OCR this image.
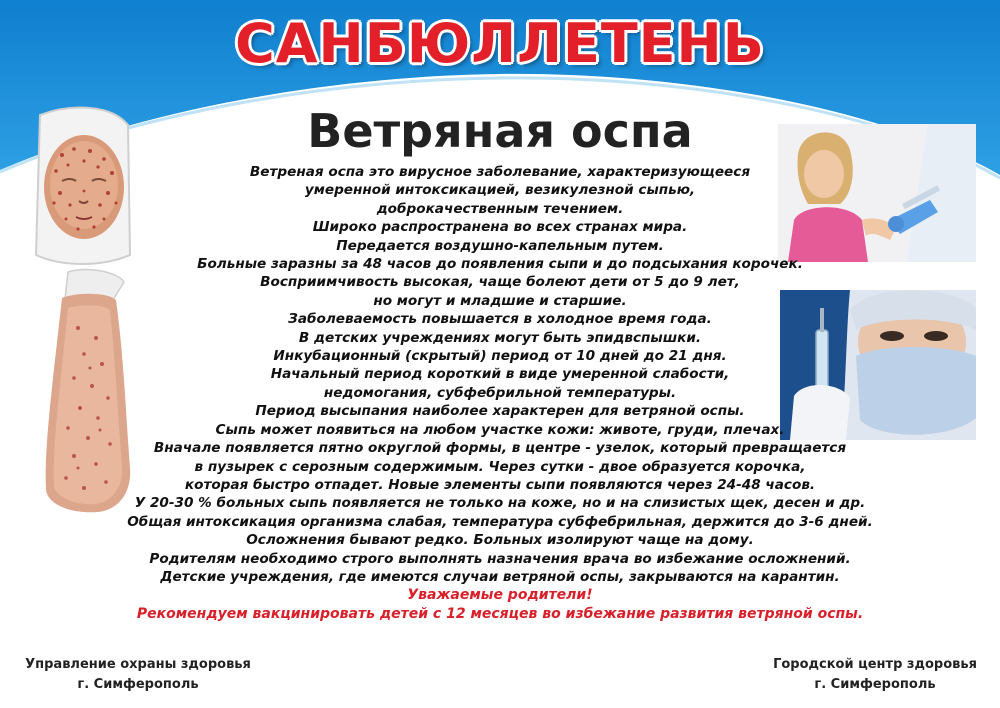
САНБЮЛЛЕТЕНЬ
Ветряная оспа
Ветреная оспа это вирусное заболевание, характеризующееся
умеренной интоксикацией, везикулезной сыпью,
доброкачественным течением.
Широко распространена во всех странах мира.
Передается воздушно-капельным путем.
Больные заразны за 48 часов до появления сыпи и до подсыхания корочек.
Восприимчивость высокая, чаще болеют дети от 5 до 9 лет,
но могут и младшие и старшие.
Заболеваемость повышается в холодное время года.
В детских учреждениях могут быть эпидвспышки.
Инкубационный (скрытый) период от 10 дней до 21 дня.
Начальный период короткий в виде умеренной слабости,
недомогания, субфебрильной температуры.
Период высыпания наиболее характерен для ветряной оспы.
Сыпь может появиться на любом участке кожи: животе, груди, плечах.
Вначале появляется пятно округлой формы, в центре - узелок, который превращается
в пузырек с серозным содержимым. Через сутки - двое образуется корочка,
которая быстро отпадет. Новые элементы сыпи появляются через 24-48 часов.
У 20-30 % больных сыпь появляется не только на коже, но и на слизистых щек, десен и др.
Общая интоксикация организма слабая, температура субфебрильная, держится до 3-6 дней.
Осложнения бывают редко. Больных изолируют чаще на дому.
Родителям необходимо строго выполнять назначения врача во избежание осложнений.
Детские учреждения, где имеются случаи ветряной оспы, закрываются на карантин.
Уважаемые родители!
Рекомендуем вакцинировать детей с 12 месяцев во избежание развития ветряной оспы.
Управление охраны здоровья
г. Симферополь
Городской центр здоровья
г. Симферополь
